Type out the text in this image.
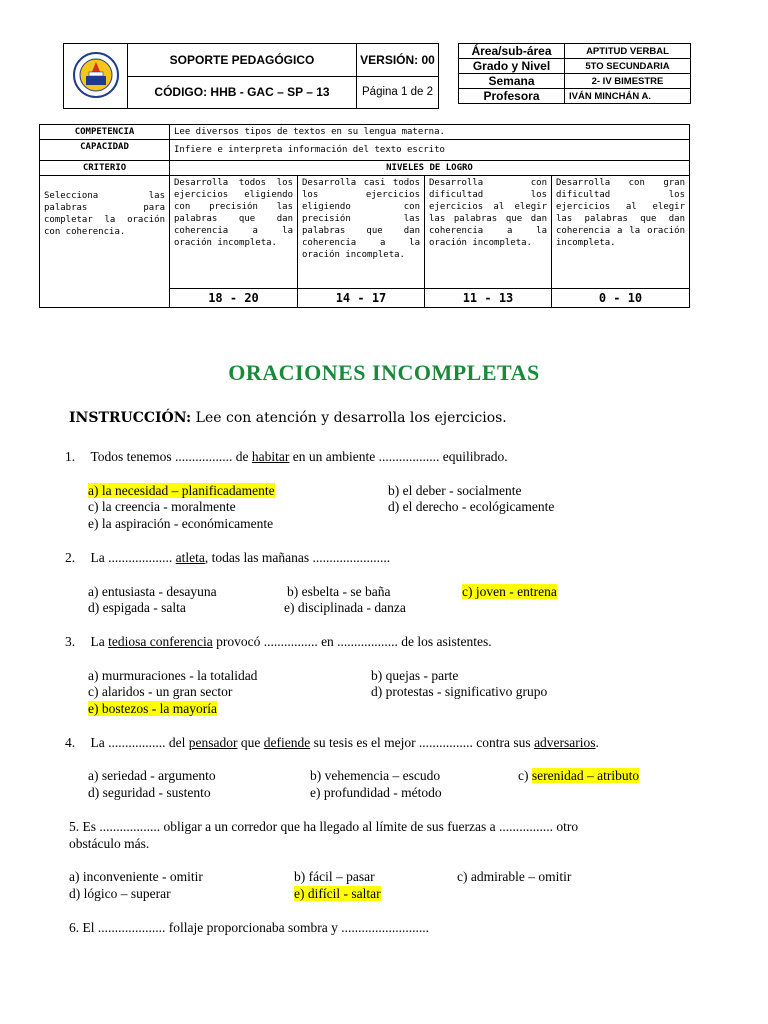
	SOPORTE PEDAGÓGICO	VERSIÓN: 00
	CÓDIGO: HHB - GAC – SP – 13	Página 1 de 2
Área/sub-área	APTITUD VERBAL
Grado y Nivel	5TO SECUNDARIA
Semana	2- IV BIMESTRE
Profesora	IVÁN MINCHÁN A.
COMPETENCIA	Lee diversos tipos de textos en su lengua materna.			
CAPACIDAD	Infiere e interpreta información del texto escrito			
CRITERIO	NIVELES DE LOGRO			
Selecciona las palabras para completar la oración con coherencia.	Desarrolla todos los ejercicios eligiendo con precisión las palabras que dan coherencia a la oración incompleta.	Desarrolla casi todos los ejercicios eligiendo con precisión las palabras que dan coherencia a la oración incompleta.	Desarrolla con dificultad los ejercicios al elegir las palabras que dan coherencia a la oración incompleta.	Desarrolla con gran dificultad los ejercicios al elegir las palabras que dan coherencia a la oración incompleta.
	18 - 20	14 - 17	11 - 13	0 - 10
ORACIONES INCOMPLETAS
INSTRUCCIÓN: Lee con atención y desarrolla los ejercicios.
1. Todos tenemos ................. de habitar en un ambiente .................. equilibrado.
a) la necesidad – planificadamente	b) el deber - socialmente
c) la creencia - moralmente	d) el derecho - ecológicamente
e) la aspiración - económicamente
2. La ................... atleta, todas las mañanas .......................
a) entusiasta - desayuna	b) esbelta - se baña	c) joven - entrena
d) espigada - salta	e) disciplinada - danza
3. La tediosa conferencia provocó ................ en .................. de los asistentes.
a) murmuraciones - la totalidad	b) quejas - parte
c) alaridos - un gran sector	d) protestas - significativo grupo
e) bostezos - la mayoría
4. La ................. del pensador que defiende su tesis es el mejor ................ contra sus adversarios.
a) seriedad - argumento	b) vehemencia – escudo	c) serenidad – atributo
d) seguridad - sustento	e) profundidad - método
5. Es .................. obligar a un corredor que ha llegado al límite de sus fuerzas a ................ otro
obstáculo más.
a) inconveniente - omitir	b) fácil – pasar	c) admirable – omitir
d) lógico – superar	e) difícil - saltar
6. El .................... follaje proporcionaba sombra y ..........................
